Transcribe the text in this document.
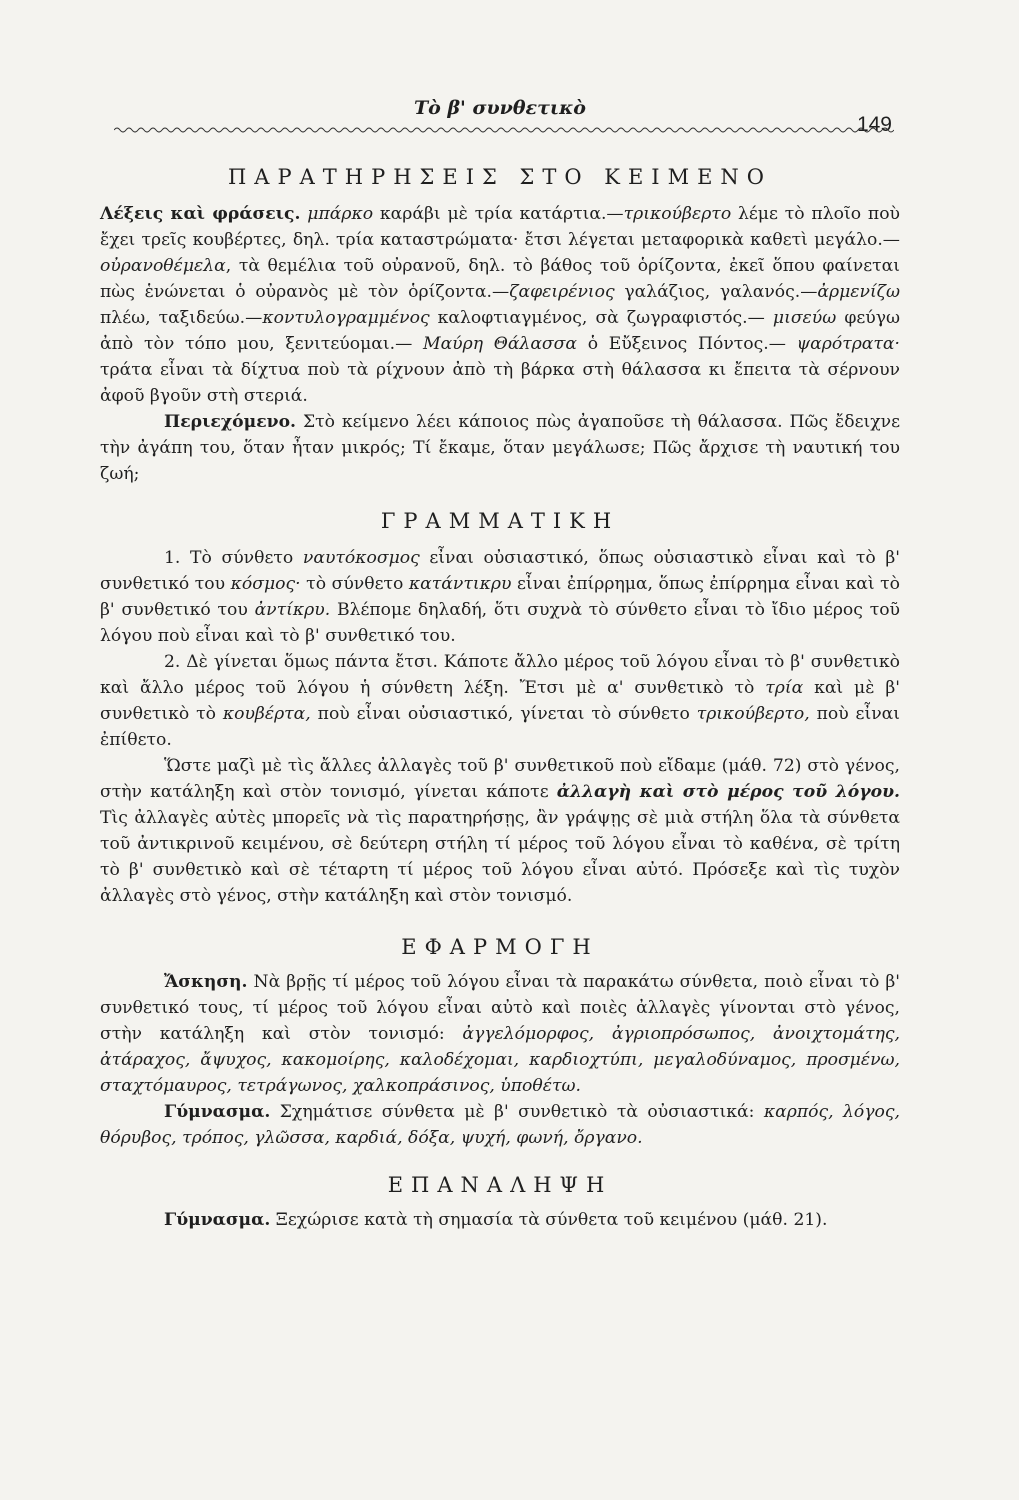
Τὸ β' συνθετικὸ
149
ΠΑΡΑΤΗΡΗΣΕΙΣ ΣΤΟ ΚΕΙΜΕΝΟ

Λέξεις καὶ φράσεις. μπάρκο καράβι μὲ τρία κατάρτια.—τρικούβερτο λέμε τὸ πλοῖο ποὺ ἔχει τρεῖς κουβέρτες, δηλ. τρία καταστρώματα· ἔτσι λέγεται μεταφορικὰ καθετὶ μεγάλο.— οὐρανοθέμελα, τὰ θεμέλια τοῦ οὐρανοῦ, δηλ. τὸ βάθος τοῦ ὁρίζοντα, ἐκεῖ ὅπου φαίνεται πὼς ἑνώνεται ὁ οὐρανὸς μὲ τὸν ὁρίζοντα.—ζαφειρένιος γαλάζιος, γαλανός.—ἀρμενίζω πλέω, ταξιδεύω.—κοντυλογραμμένος καλοφτιαγμένος, σὰ ζωγραφιστός.— μισεύω φεύγω ἀπὸ τὸν τόπο μου, ξενιτεύομαι.— Μαύρη Θάλασσα ὁ Εὔξεινος Πόντος.— ψαρότρατα· τράτα εἶναι τὰ δίχτυα ποὺ τὰ ρίχνουν ἀπὸ τὴ βάρκα στὴ θάλασσα κι ἔπειτα τὰ σέρνουν ἀφοῦ βγοῦν στὴ στεριά.

Περιεχόμενο. Στὸ κείμενο λέει κάποιος πὼς ἀγαποῦσε τὴ θάλασσα. Πῶς ἔδειχνε τὴν ἀγάπη του, ὅταν ἦταν μικρός; Τί ἔκαμε, ὅταν μεγάλωσε; Πῶς ἄρχισε τὴ ναυτική του ζωή;

ΓΡΑΜΜΑΤΙΚΗ

1. Τὸ σύνθετο ναυτόκοσμος εἶναι οὐσιαστικό, ὅπως οὐσιαστικὸ εἶναι καὶ τὸ β' συνθετικό του κόσμος· τὸ σύνθετο κατάντικρυ εἶναι ἐπίρρημα, ὅπως ἐπίρρημα εἶναι καὶ τὸ β' συνθετικό του ἀντίκρυ. Βλέπομε δηλαδή, ὅτι συχνὰ τὸ σύνθετο εἶναι τὸ ἴδιο μέρος τοῦ λόγου ποὺ εἶναι καὶ τὸ β' συνθετικό του.

2. Δὲ γίνεται ὅμως πάντα ἔτσι. Κάποτε ἄλλο μέρος τοῦ λόγου εἶναι τὸ β' συνθετικὸ καὶ ἄλλο μέρος τοῦ λόγου ἡ σύνθετη λέξη. Ἔτσι μὲ α' συνθετικὸ τὸ τρία καὶ μὲ β' συνθετικὸ τὸ κουβέρτα, ποὺ εἶναι οὐσιαστικό, γίνεται τὸ σύνθετο τρικούβερτο, ποὺ εἶναι ἐπίθετο.

Ὥστε μαζὶ μὲ τὶς ἄλλες ἀλλαγὲς τοῦ β' συνθετικοῦ ποὺ εἴδαμε (μάθ. 72) στὸ γένος, στὴν κατάληξη καὶ στὸν τονισμό, γίνεται κάποτε ἀλλαγὴ καὶ στὸ μέρος τοῦ λόγου. Τὶς ἀλλαγὲς αὐτὲς μπορεῖς νὰ τὶς παρατηρήσῃς, ἂν γράψῃς σὲ μιὰ στήλη ὅλα τὰ σύνθετα τοῦ ἀντικρινοῦ κειμένου, σὲ δεύτερη στήλη τί μέρος τοῦ λόγου εἶναι τὸ καθένα, σὲ τρίτη τὸ β' συνθετικὸ καὶ σὲ τέταρτη τί μέρος τοῦ λόγου εἶναι αὐτό. Πρόσεξε καὶ τὶς τυχὸν ἀλλαγὲς στὸ γένος, στὴν κατάληξη καὶ στὸν τονισμό.

ΕΦΑΡΜΟΓΗ

Ἄσκηση. Νὰ βρῇς τί μέρος τοῦ λόγου εἶναι τὰ παρακάτω σύνθετα, ποιὸ εἶναι τὸ β' συνθετικό τους, τί μέρος τοῦ λόγου εἶναι αὐτὸ καὶ ποιὲς ἀλλαγὲς γίνονται στὸ γένος, στὴν κατάληξη καὶ στὸν τονισμό: ἀγγελόμορφος, ἀγριοπρόσωπος, ἀνοιχτομάτης, ἀτάραχος, ἄψυχος, κακομοίρης, καλοδέχομαι, καρδιοχτύπι, μεγαλοδύναμος, προσμένω, σταχτόμαυρος, τετράγωνος, χαλκοπράσινος, ὑποθέτω.

Γύμνασμα. Σχημάτισε σύνθετα μὲ β' συνθετικὸ τὰ οὐσιαστικά: καρπός, λόγος, θόρυβος, τρόπος, γλῶσσα, καρδιά, δόξα, ψυχή, φωνή, ὄργανο.

ΕΠΑΝΑΛΗΨΗ

Γύμνασμα. Ξεχώρισε κατὰ τὴ σημασία τὰ σύνθετα τοῦ κειμένου (μάθ. 21).
